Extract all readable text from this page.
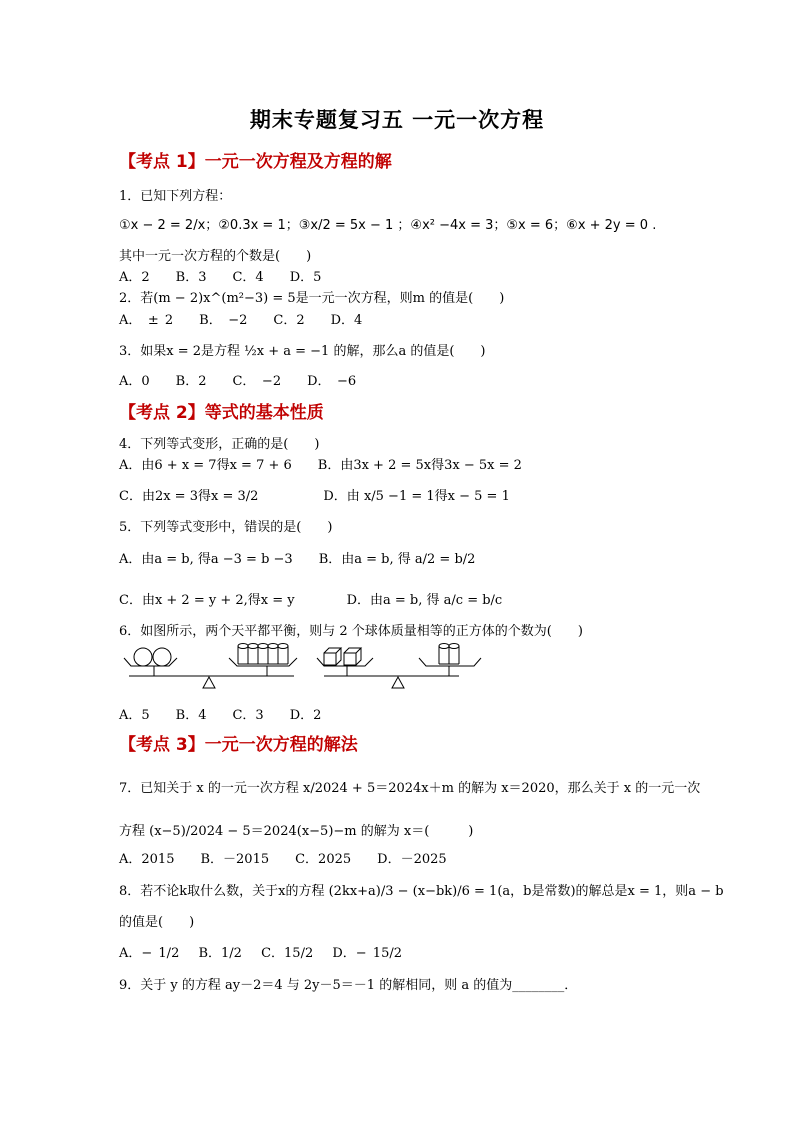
期末专题复习五 一元一次方程
【考点 1】一元一次方程及方程的解
1．已知下列方程：
①x − 2 = 2/x；②0.3x = 1；③x/2 = 5x − 1 ；④x² −4x = 3；⑤x = 6；⑥x + 2y = 0 .
其中一元一次方程的个数是(　　)
A．2　　B．3　　C．4　　D．5
2．若(m − 2)x^(m²−3) = 5是一元一次方程，则m 的值是(　　)
A．　± 2　　B．　−2　　C．2　　D．4
3．如果x = 2是方程 ½x + a = −1 的解，那么a 的值是(　　)
A．0　　B．2　　C．　−2　　D．　−6
【考点 2】等式的基本性质
4．下列等式变形，正确的是(　　)
A．由6 + x = 7得x = 7 + 6　　B．由3x + 2 = 5x得3x − 5x = 2
C．由2x = 3得x = 3/2　　　　　D．由 x/5 −1 = 1得x − 5 = 1
5．下列等式变形中，错误的是(　　)
A．由a = b, 得a −3 = b −3　　B．由a = b, 得 a/2 = b/2
C．由x + 2 = y + 2,得x = y　　　　D．由a = b, 得 a/c = b/c
6．如图所示，两个天平都平衡，则与 2 个球体质量相等的正方体的个数为(　　)
A．5　　B．4　　C．3　　D．2
【考点 3】一元一次方程的解法
7．已知关于 x 的一元一次方程 x/2024 + 5＝2024x＋m 的解为 x＝2020，那么关于 x 的一元一次
方程 (x−5)/2024 − 5＝2024(x−5)−m 的解为 x＝(　　　)
A．2015　　B．－2015　　C．2025　　D．－2025
8．若不论k取什么数，关于x的方程 (2kx+a)/3 − (x−bk)/6 = 1(a，b是常数)的解总是x = 1，则a − b
的值是(　　)
A．− 1/2　 B．1/2　 C．15/2　 D．− 15/2
9．关于 y 的方程 ay－2＝4 与 2y－5＝－1 的解相同，则 a 的值为________．
